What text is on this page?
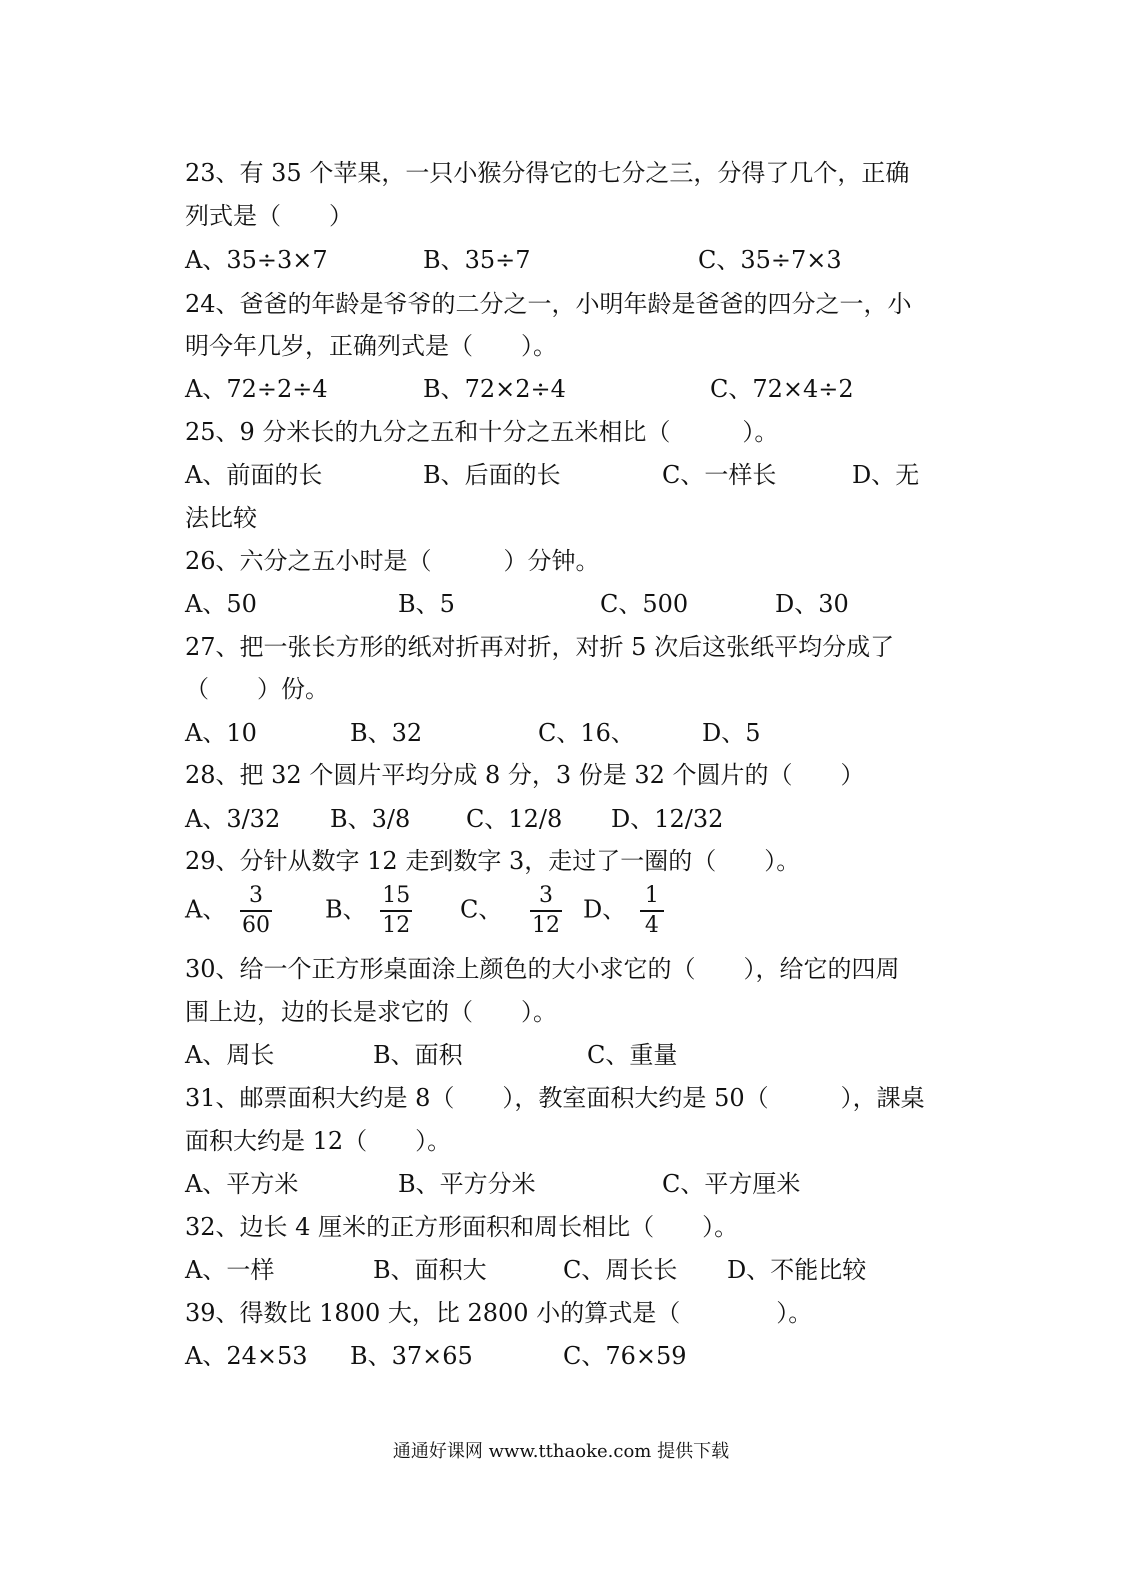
23、有 35 个苹果，一只小猴分得它的七分之三，分得了几个，正确
列式是（　　）
A、35÷3×7	B、35÷7	C、35÷7×3
24、爸爸的年龄是爷爷的二分之一，小明年龄是爸爸的四分之一，小
明今年几岁，正确列式是（　　）。
A、72÷2÷4	B、72×2÷4	C、72×4÷2
25、9 分米长的九分之五和十分之五米相比（　　　）。
A、前面的长	B、后面的长	C、一样长	D、无
法比较
26、六分之五小时是（　　　）分钟。
A、50	B、5	C、500	D、30
27、把一张长方形的纸对折再对折，对折 5 次后这张纸平均分成了
（　　）份。
A、10	B、32	C、16、	D、5
28、把 32 个圆片平均分成 8 分，3 份是 32 个圆片的（　　）
A、3/32 B、3/8 C、12/8 D、12/32
29、分针从数字 12 走到数字 3，走过了一圈的（　　）。
A、 $\frac{3}{60}$ B、 $\frac{15}{12}$ C、 $\frac{3}{12}$ D、 $\frac{1}{4}$
30、给一个正方形桌面涂上颜色的大小求它的（　　），给它的四周
围上边，边的长是求它的（　　）。
A、周长	B、面积	C、重量
31、邮票面积大约是 8（　　），教室面积大约是 50（　　　），課桌
面积大约是 12（　　）。
A、平方米	B、平方分米	C、平方厘米
32、边长 4 厘米的正方形面积和周长相比（　　）。
A、一样	B、面积大	C、周长长 D、不能比较
39、得数比 1800 大，比 2800 小的算式是（　　　　）。
A、24×53 B、37×65	C、76×59
通通好课网 www.tthaoke.com 提供下载
